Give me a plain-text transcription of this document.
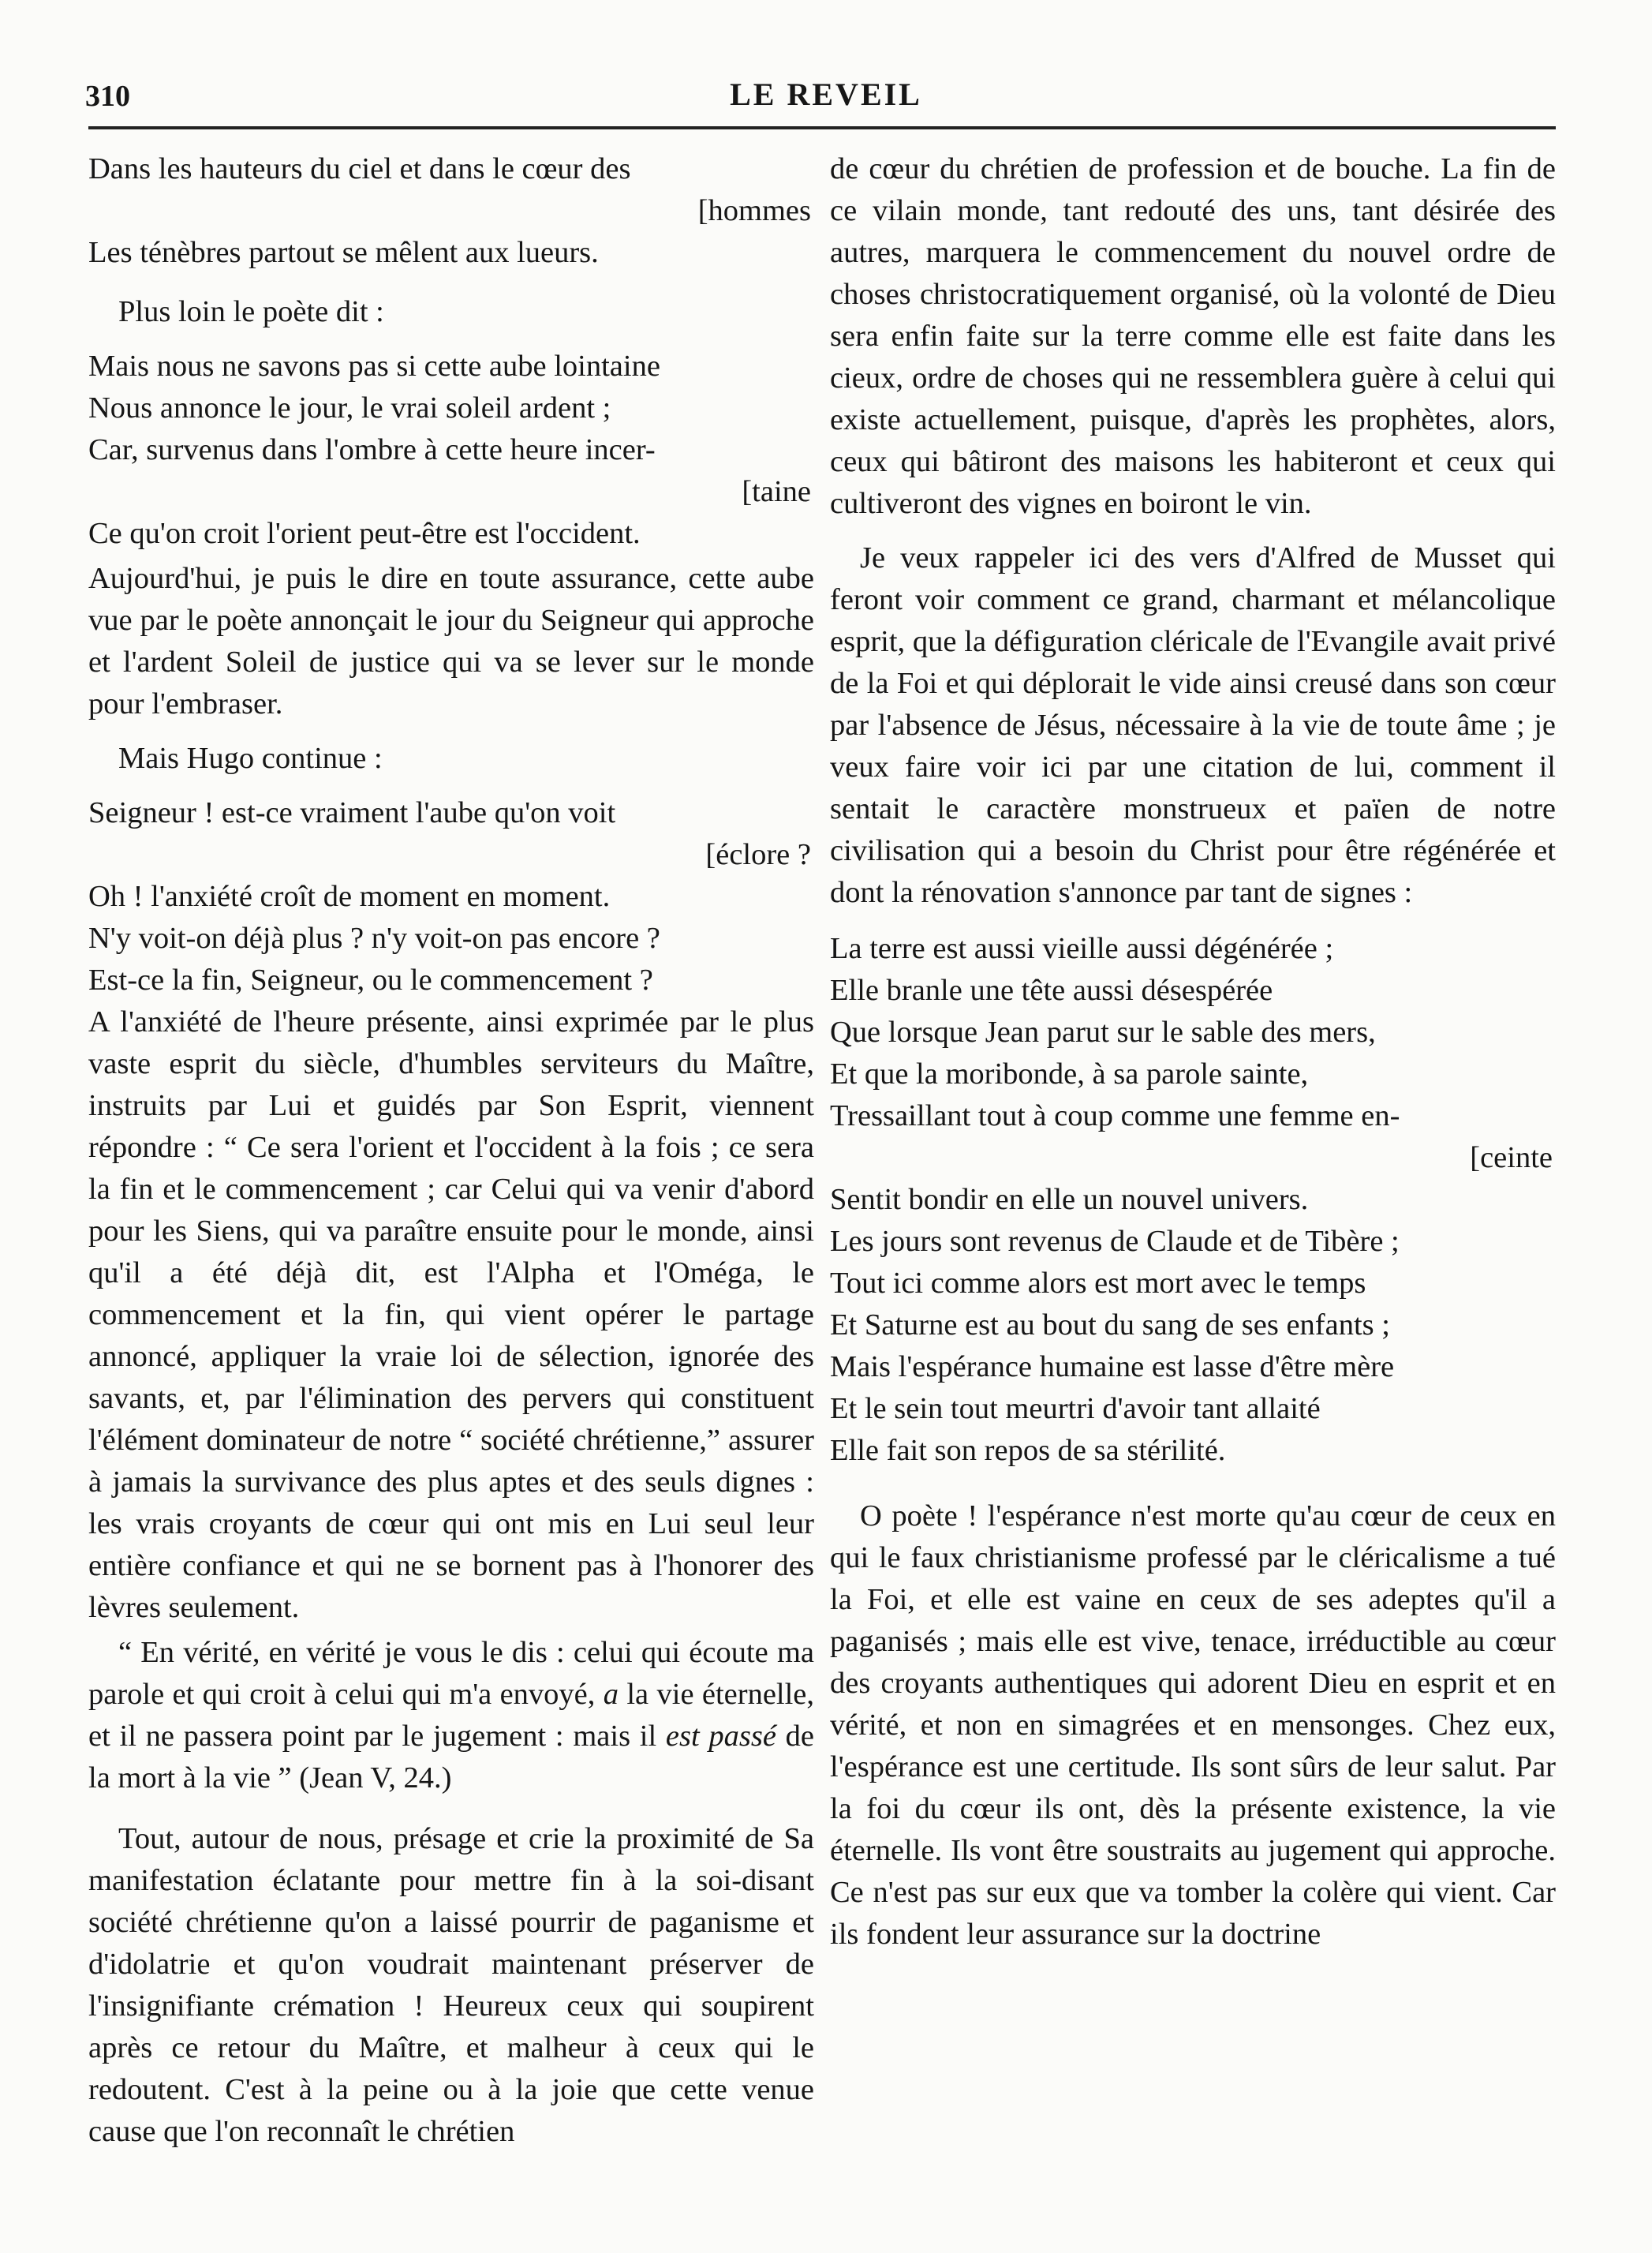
310	LE REVEIL
Dans les hauteurs du ciel et dans le cœur des
[hommes
Les ténèbres partout se mêlent aux lueurs.

Plus loin le poète dit :

Mais nous ne savons pas si cette aube lointaine
Nous annonce le jour, le vrai soleil ardent ;
Car, survenus dans l'ombre à cette heure incer-
[taine
Ce qu'on croit l'orient peut-être est l'occident.

Aujourd'hui, je puis le dire en toute assurance, cette aube vue par le poète annonçait le jour du Seigneur qui approche et l'ardent Soleil de justice qui va se lever sur le monde pour l'embraser.

Mais Hugo continue :

Seigneur ! est-ce vraiment l'aube qu'on voit
[éclore ?
Oh ! l'anxiété croît de moment en moment.
N'y voit-on déjà plus ? n'y voit-on pas encore ?
Est-ce la fin, Seigneur, ou le commencement ?

A l'anxiété de l'heure présente, ainsi exprimée par le plus vaste esprit du siècle, d'humbles serviteurs du Maître, instruits par Lui et guidés par Son Esprit, viennent répondre : “ Ce sera l'orient et l'occident à la fois ; ce sera la fin et le commencement ; car Celui qui va venir d'abord pour les Siens, qui va paraître ensuite pour le monde, ainsi qu'il a été déjà dit, est l'Alpha et l'Oméga, le commencement et la fin, qui vient opérer le partage annoncé, appliquer la vraie loi de sélection, ignorée des savants, et, par l'élimination des pervers qui constituent l'élément dominateur de notre “ société chrétienne,” assurer à jamais la survivance des plus aptes et des seuls dignes : les vrais croyants de cœur qui ont mis en Lui seul leur entière confiance et qui ne se bornent pas à l'honorer des lèvres seulement.

“ En vérité, en vérité je vous le dis : celui qui écoute ma parole et qui croit à celui qui m'a envoyé, a la vie éternelle, et il ne passera point par le jugement : mais il est passé de la mort à la vie ” (Jean V, 24.)

Tout, autour de nous, présage et crie la proximité de Sa manifestation éclatante pour mettre fin à la soi-disant société chrétienne qu'on a laissé pourrir de paganisme et d'idolatrie et qu'on voudrait maintenant préserver de l'insignifiante crémation ! Heureux ceux qui soupirent après ce retour du Maître, et malheur à ceux qui le redoutent. C'est à la peine ou à la joie que cette venue cause que l'on reconnaît le chrétien

de cœur du chrétien de profession et de bouche. La fin de ce vilain monde, tant redouté des uns, tant désirée des autres, marquera le commencement du nouvel ordre de choses christocratiquement organisé, où la volonté de Dieu sera enfin faite sur la terre comme elle est faite dans les cieux, ordre de choses qui ne ressemblera guère à celui qui existe actuellement, puisque, d'après les prophètes, alors, ceux qui bâtiront des maisons les habiteront et ceux qui cultiveront des vignes en boiront le vin.

Je veux rappeler ici des vers d'Alfred de Musset qui feront voir comment ce grand, charmant et mélancolique esprit, que la défiguration cléricale de l'Evangile avait privé de la Foi et qui déplorait le vide ainsi creusé dans son cœur par l'absence de Jésus, nécessaire à la vie de toute âme ; je veux faire voir ici par une citation de lui, comment il sentait le caractère monstrueux et païen de notre civilisation qui a besoin du Christ pour être régénérée et dont la rénovation s'annonce par tant de signes :

La terre est aussi vieille aussi dégénérée ;
Elle branle une tête aussi désespérée
Que lorsque Jean parut sur le sable des mers,
Et que la moribonde, à sa parole sainte,
Tressaillant tout à coup comme une femme en-
[ceinte
Sentit bondir en elle un nouvel univers.
Les jours sont revenus de Claude et de Tibère ;
Tout ici comme alors est mort avec le temps
Et Saturne est au bout du sang de ses enfants ;
Mais l'espérance humaine est lasse d'être mère
Et le sein tout meurtri d'avoir tant allaité
Elle fait son repos de sa stérilité.

O poète ! l'espérance n'est morte qu'au cœur de ceux en qui le faux christianisme professé par le cléricalisme a tué la Foi, et elle est vaine en ceux de ses adeptes qu'il a paganisés ; mais elle est vive, tenace, irréductible au cœur des croyants authentiques qui adorent Dieu en esprit et en vérité, et non en simagrées et en mensonges. Chez eux, l'espérance est une certitude. Ils sont sûrs de leur salut. Par la foi du cœur ils ont, dès la présente existence, la vie éternelle. Ils vont être soustraits au jugement qui approche. Ce n'est pas sur eux que va tomber la colère qui vient. Car ils fondent leur assurance sur la doctrine
